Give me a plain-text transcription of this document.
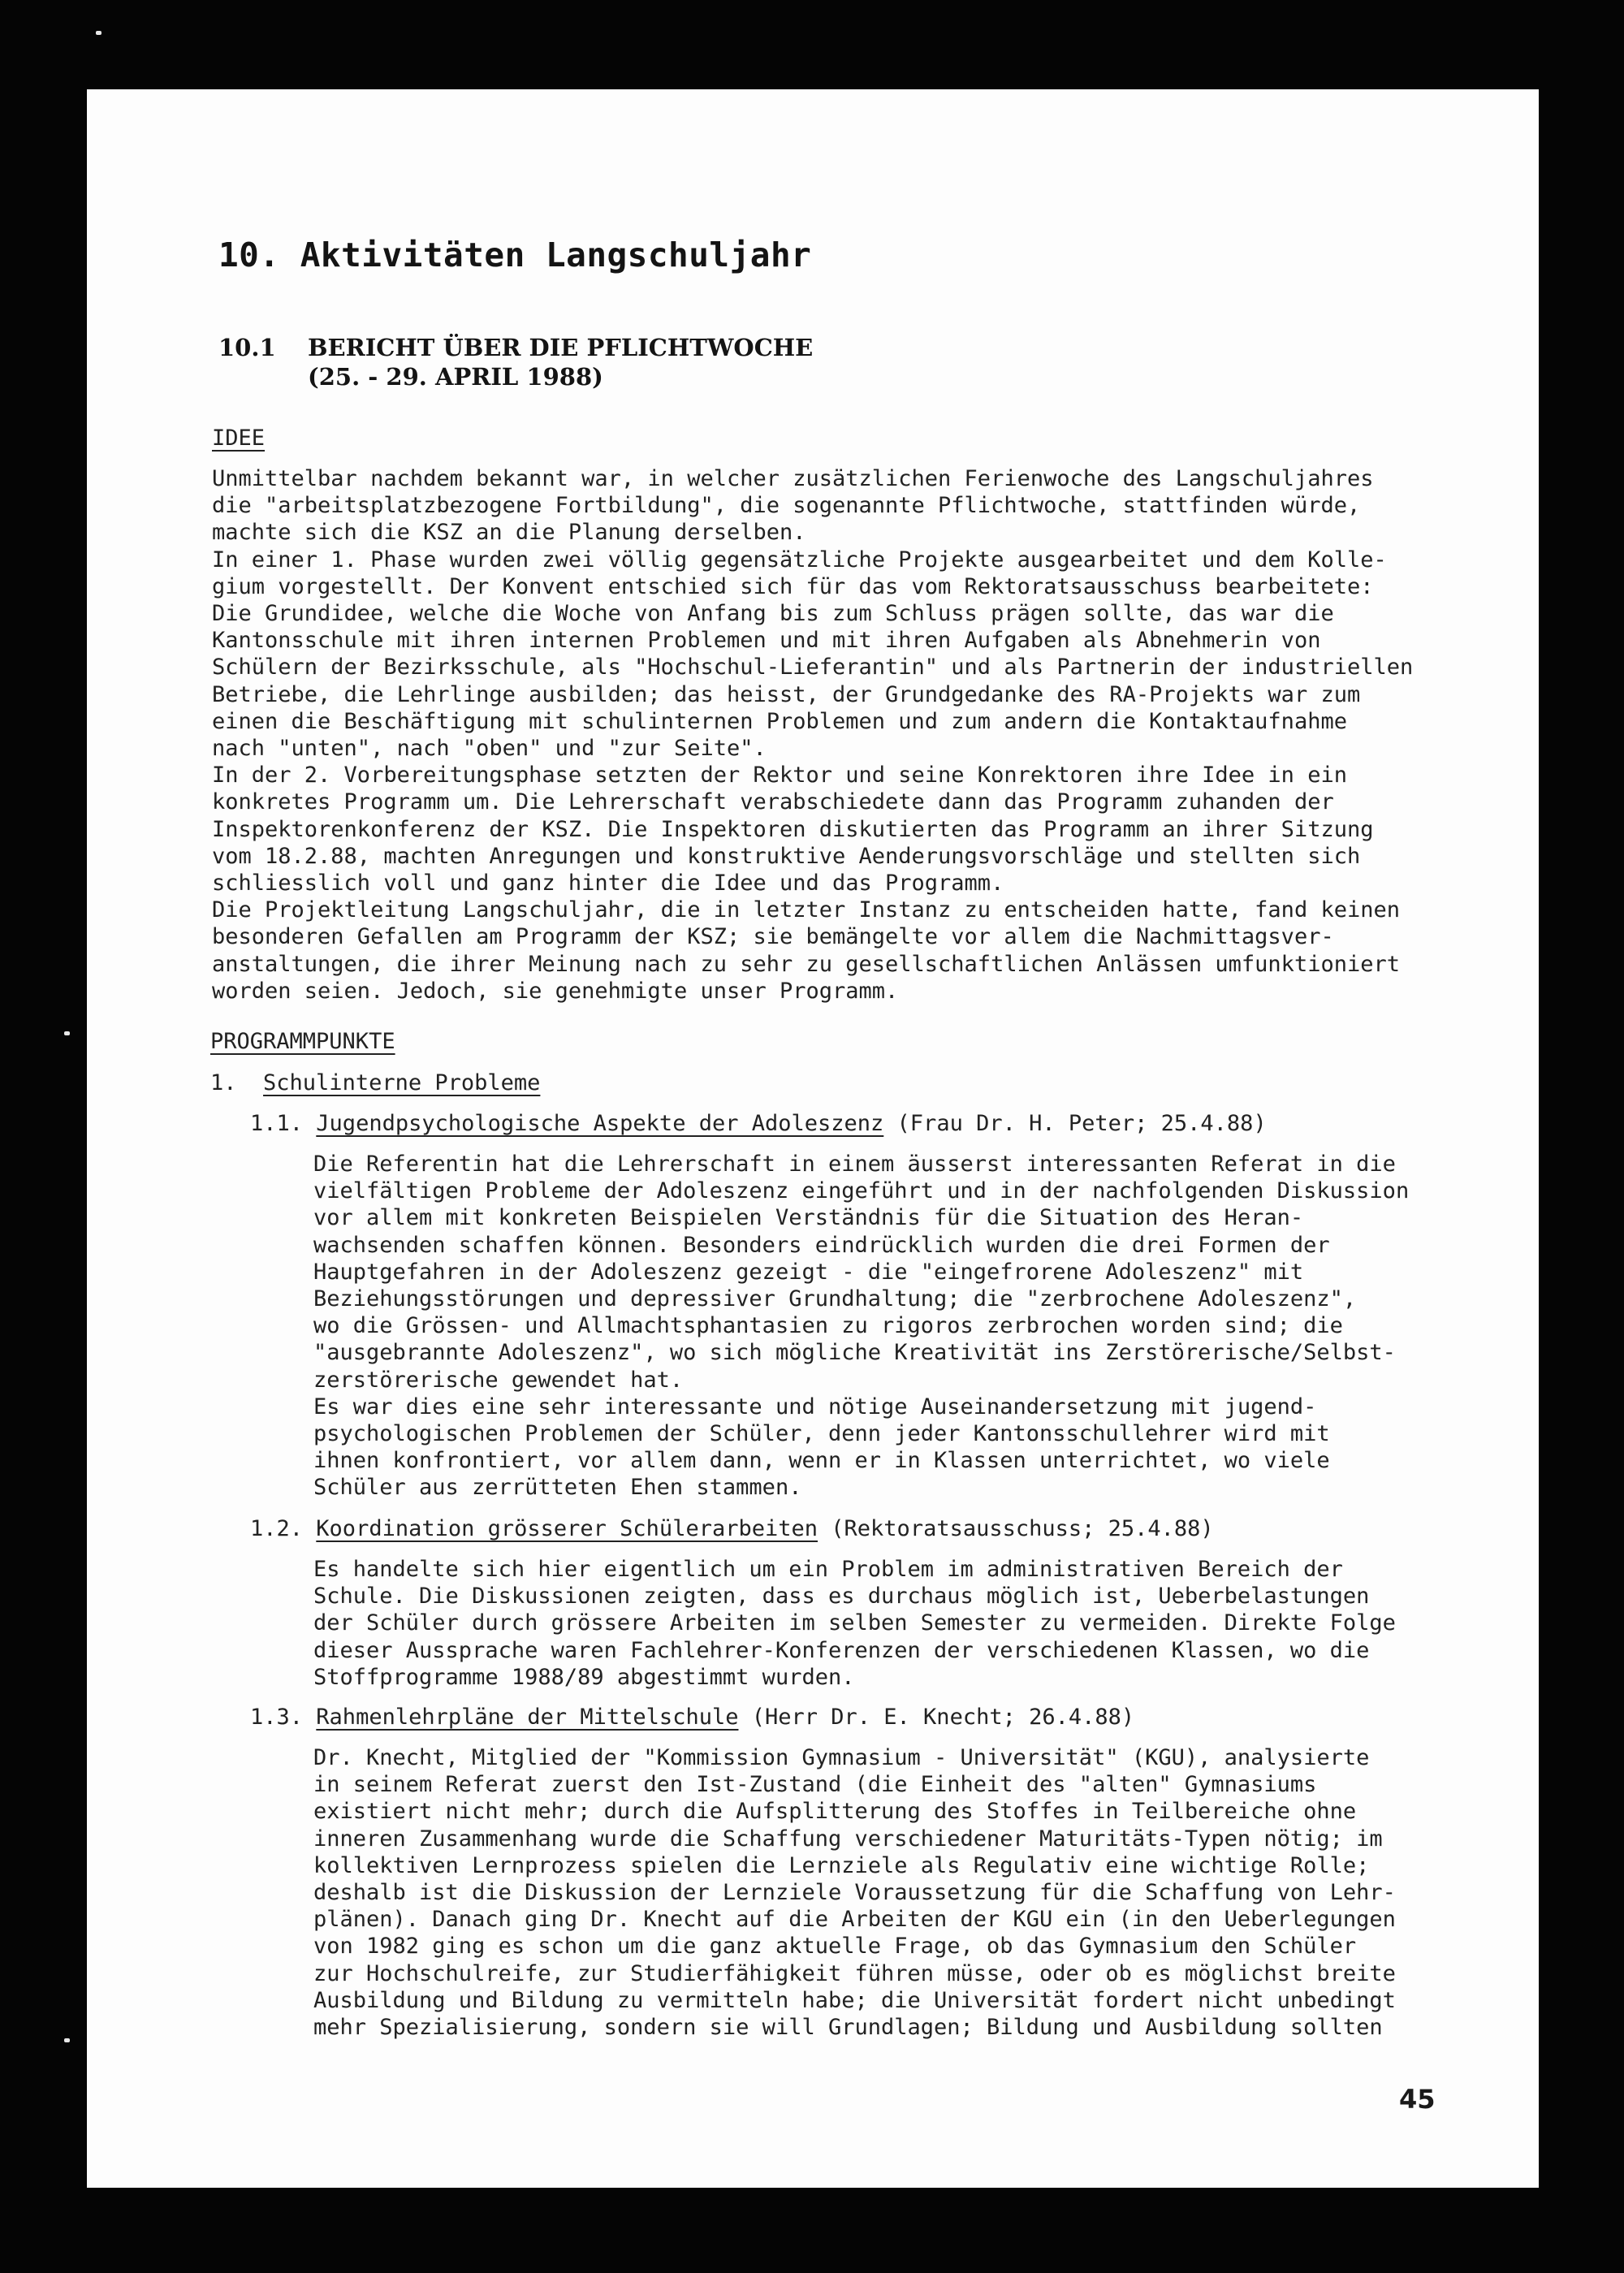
10. Aktivitäten Langschuljahr
10.1 BERICHT ÜBER DIE PFLICHTWOCHE
(25. - 29. APRIL 1988)
IDEE
Unmittelbar nachdem bekannt war, in welcher zusätzlichen Ferienwoche des Langschuljahres
die "arbeitsplatzbezogene Fortbildung", die sogenannte Pflichtwoche, stattfinden würde,
machte sich die KSZ an die Planung derselben.
In einer 1. Phase wurden zwei völlig gegensätzliche Projekte ausgearbeitet und dem Kolle-
gium vorgestellt. Der Konvent entschied sich für das vom Rektoratsausschuss bearbeitete:
Die Grundidee, welche die Woche von Anfang bis zum Schluss prägen sollte, das war die
Kantonsschule mit ihren internen Problemen und mit ihren Aufgaben als Abnehmerin von
Schülern der Bezirksschule, als "Hochschul-Lieferantin" und als Partnerin der industriellen
Betriebe, die Lehrlinge ausbilden; das heisst, der Grundgedanke des RA-Projekts war zum
einen die Beschäftigung mit schulinternen Problemen und zum andern die Kontaktaufnahme
nach "unten", nach "oben" und "zur Seite".
In der 2. Vorbereitungsphase setzten der Rektor und seine Konrektoren ihre Idee in ein
konkretes Programm um. Die Lehrerschaft verabschiedete dann das Programm zuhanden der
Inspektorenkonferenz der KSZ. Die Inspektoren diskutierten das Programm an ihrer Sitzung
vom 18.2.88, machten Anregungen und konstruktive Aenderungsvorschläge und stellten sich
schliesslich voll und ganz hinter die Idee und das Programm.
Die Projektleitung Langschuljahr, die in letzter Instanz zu entscheiden hatte, fand keinen
besonderen Gefallen am Programm der KSZ; sie bemängelte vor allem die Nachmittagsver-
anstaltungen, die ihrer Meinung nach zu sehr zu gesellschaftlichen Anlässen umfunktioniert
worden seien. Jedoch, sie genehmigte unser Programm.
PROGRAMMPUNKTE
1. Schulinterne Probleme
1.1. Jugendpsychologische Aspekte der Adoleszenz (Frau Dr. H. Peter; 25.4.88)
Die Referentin hat die Lehrerschaft in einem äusserst interessanten Referat in die
vielfältigen Probleme der Adoleszenz eingeführt und in der nachfolgenden Diskussion
vor allem mit konkreten Beispielen Verständnis für die Situation des Heran-
wachsenden schaffen können. Besonders eindrücklich wurden die drei Formen der
Hauptgefahren in der Adoleszenz gezeigt - die "eingefrorene Adoleszenz" mit
Beziehungsstörungen und depressiver Grundhaltung; die "zerbrochene Adoleszenz",
wo die Grössen- und Allmachtsphantasien zu rigoros zerbrochen worden sind; die
"ausgebrannte Adoleszenz", wo sich mögliche Kreativität ins Zerstörerische/Selbst-
zerstörerische gewendet hat.
Es war dies eine sehr interessante und nötige Auseinandersetzung mit jugend-
psychologischen Problemen der Schüler, denn jeder Kantonsschullehrer wird mit
ihnen konfrontiert, vor allem dann, wenn er in Klassen unterrichtet, wo viele
Schüler aus zerrütteten Ehen stammen.
1.2. Koordination grösserer Schülerarbeiten (Rektoratsausschuss; 25.4.88)
Es handelte sich hier eigentlich um ein Problem im administrativen Bereich der
Schule. Die Diskussionen zeigten, dass es durchaus möglich ist, Ueberbelastungen
der Schüler durch grössere Arbeiten im selben Semester zu vermeiden. Direkte Folge
dieser Aussprache waren Fachlehrer-Konferenzen der verschiedenen Klassen, wo die
Stoffprogramme 1988/89 abgestimmt wurden.
1.3. Rahmenlehrpläne der Mittelschule (Herr Dr. E. Knecht; 26.4.88)
Dr. Knecht, Mitglied der "Kommission Gymnasium - Universität" (KGU), analysierte
in seinem Referat zuerst den Ist-Zustand (die Einheit des "alten" Gymnasiums
existiert nicht mehr; durch die Aufsplitterung des Stoffes in Teilbereiche ohne
inneren Zusammenhang wurde die Schaffung verschiedener Maturitäts-Typen nötig; im
kollektiven Lernprozess spielen die Lernziele als Regulativ eine wichtige Rolle;
deshalb ist die Diskussion der Lernziele Voraussetzung für die Schaffung von Lehr-
plänen). Danach ging Dr. Knecht auf die Arbeiten der KGU ein (in den Ueberlegungen
von 1982 ging es schon um die ganz aktuelle Frage, ob das Gymnasium den Schüler
zur Hochschulreife, zur Studierfähigkeit führen müsse, oder ob es möglichst breite
Ausbildung und Bildung zu vermitteln habe; die Universität fordert nicht unbedingt
mehr Spezialisierung, sondern sie will Grundlagen; Bildung und Ausbildung sollten
45
